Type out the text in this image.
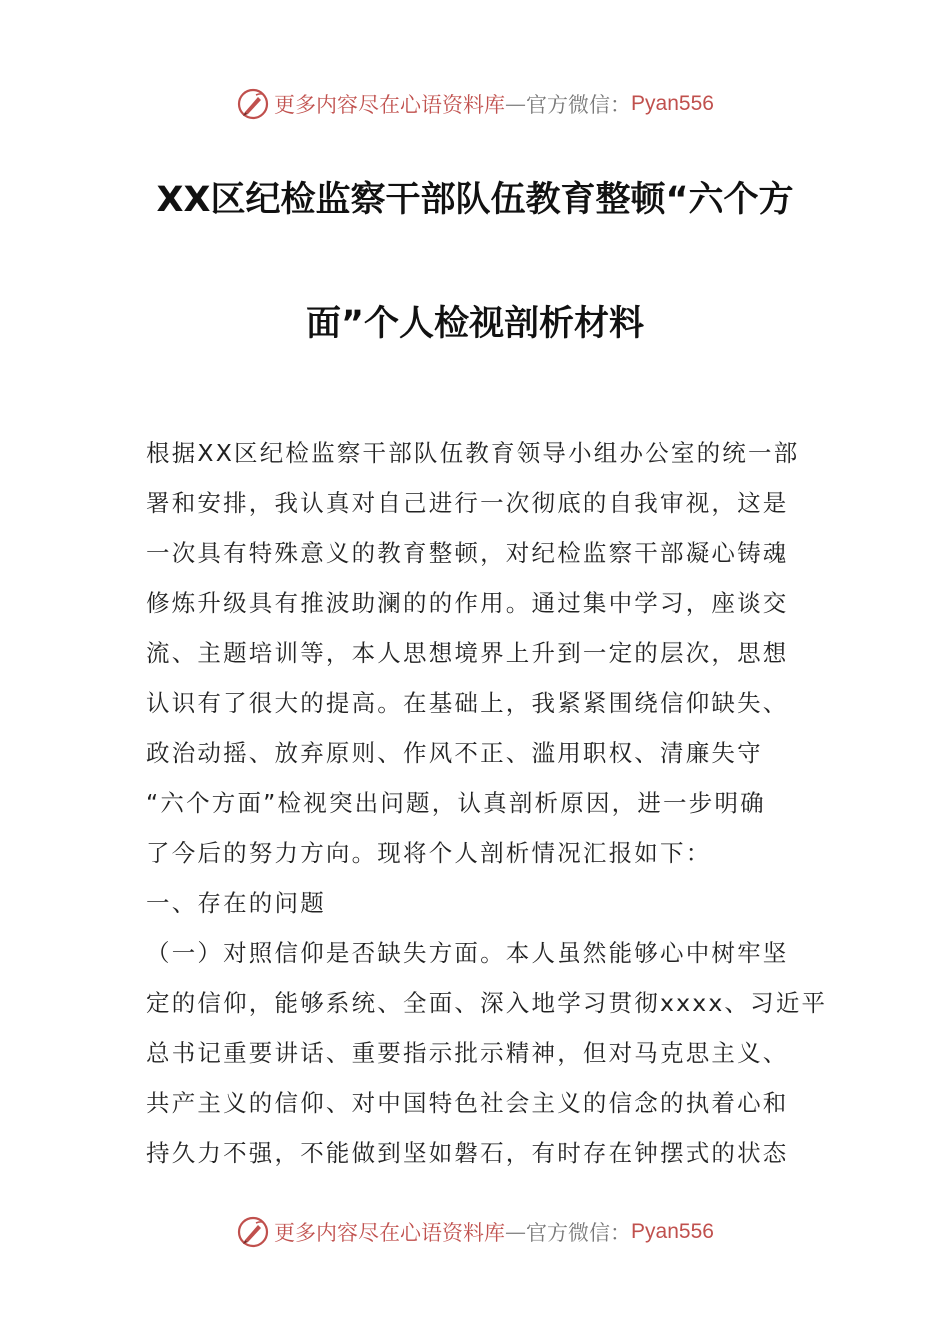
更多内容尽在心语资料库 — 官方微信： Pyan556
XX区纪检监察干部队伍教育整顿“六个方
面”个人检视剖析材料
根据XX区纪检监察干部队伍教育领导小组办公室的统一部
署和安排，我认真对自己进行一次彻底的自我审视，这是
一次具有特殊意义的教育整顿，对纪检监察干部凝心铸魂
修炼升级具有推波助澜的的作用。通过集中学习，座谈交
流、主题培训等，本人思想境界上升到一定的层次，思想
认识有了很大的提高。在基础上，我紧紧围绕信仰缺失、
政治动摇、放弃原则、作风不正、滥用职权、清廉失守
“六个方面”检视突出问题，认真剖析原因，进一步明确
了今后的努力方向。现将个人剖析情况汇报如下：
一、存在的问题
（一）对照信仰是否缺失方面。本人虽然能够心中树牢坚
定的信仰，能够系统、全面、深入地学习贯彻xxxx、习近平
总书记重要讲话、重要指示批示精神，但对马克思主义、
共产主义的信仰、对中国特色社会主义的信念的执着心和
持久力不强，不能做到坚如磐石，有时存在钟摆式的状态
更多内容尽在心语资料库 — 官方微信： Pyan556
